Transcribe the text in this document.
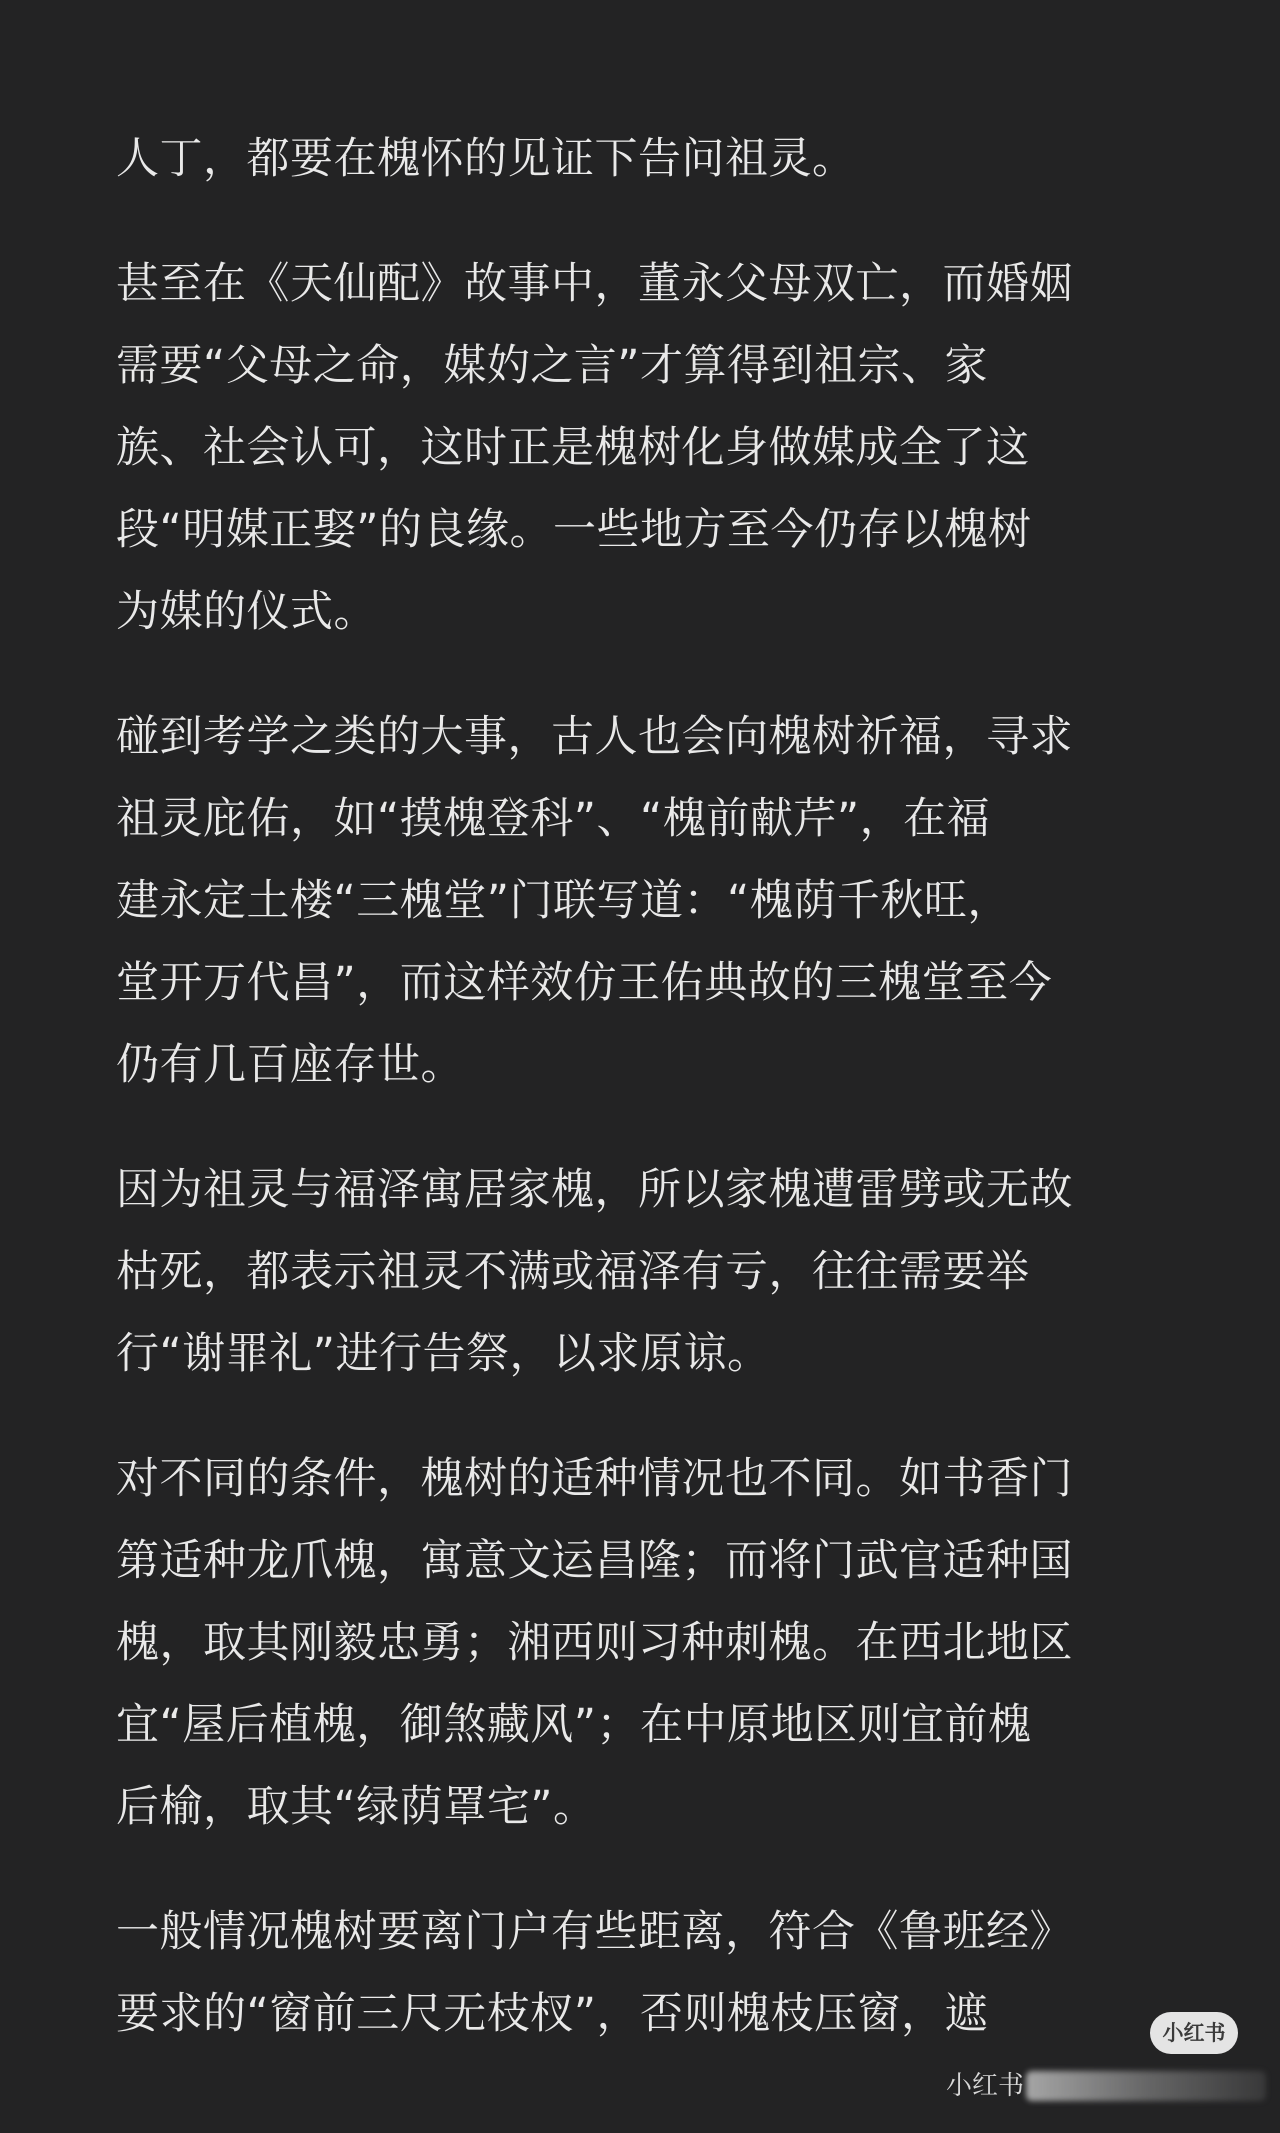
人丁，都要在槐怀的见证下告问祖灵。

甚至在《天仙配》故事中，董永父母双亡，而婚姻
需要“父母之命，媒妁之言”才算得到祖宗、家
族、社会认可，这时正是槐树化身做媒成全了这
段“明媒正娶”的良缘。一些地方至今仍存以槐树
为媒的仪式。

碰到考学之类的大事，古人也会向槐树祈福，寻求
祖灵庇佑，如“摸槐登科”、“槐前献芹”，在福
建永定土楼“三槐堂”门联写道：“槐荫千秋旺，
堂开万代昌”，而这样效仿王佑典故的三槐堂至今
仍有几百座存世。

因为祖灵与福泽寓居家槐，所以家槐遭雷劈或无故
枯死，都表示祖灵不满或福泽有亏，往往需要举
行“谢罪礼”进行告祭，以求原谅。

对不同的条件，槐树的适种情况也不同。如书香门
第适种龙爪槐，寓意文运昌隆；而将门武官适种国
槐，取其刚毅忠勇；湘西则习种刺槐。在西北地区
宜“屋后植槐，御煞藏风”；在中原地区则宜前槐
后榆，取其“绿荫罩宅”。

一般情况槐树要离门户有些距离，符合《鲁班经》
要求的“窗前三尺无枝杈”，否则槐枝压窗，遮	小红书
小红书
